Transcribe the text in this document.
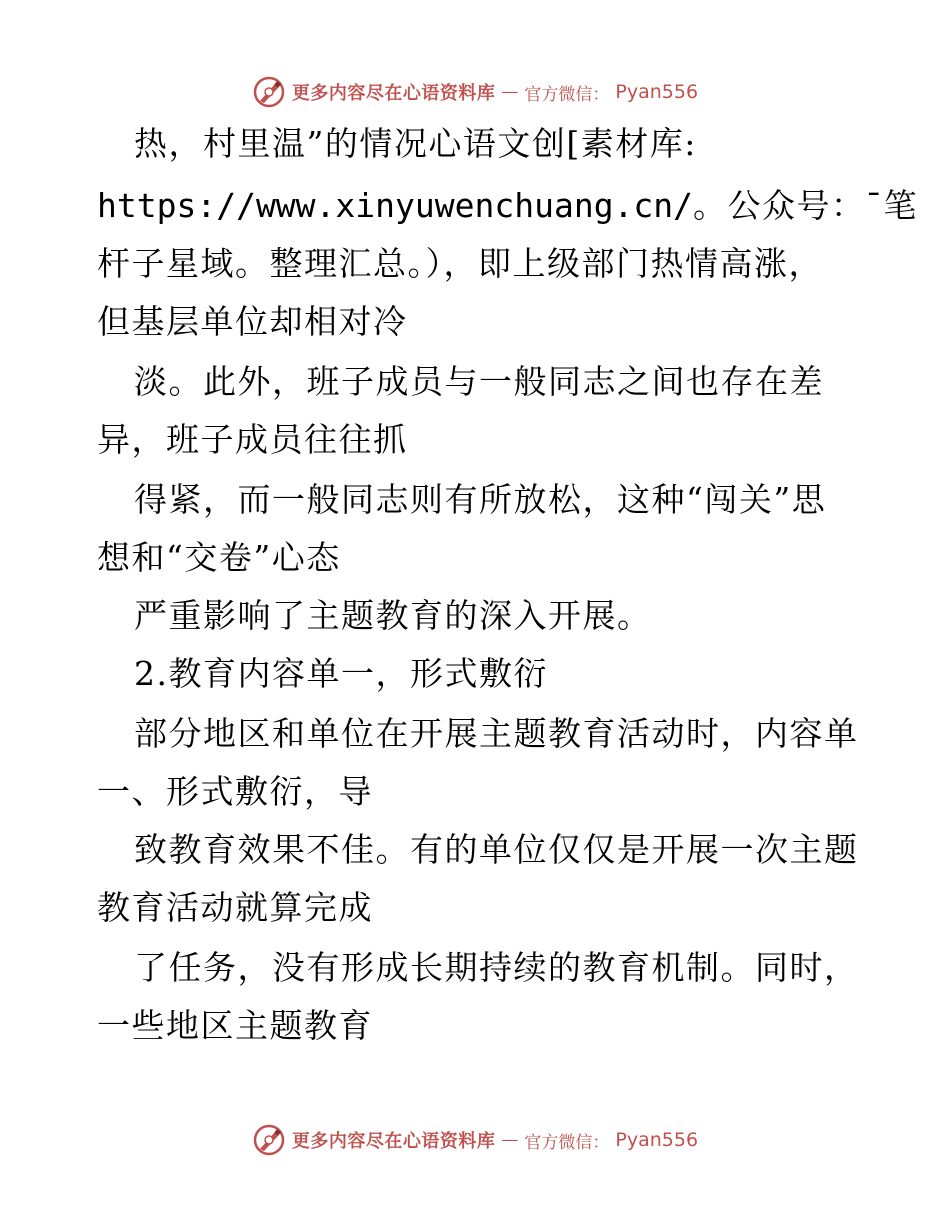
更多内容尽在心语资料库 — 官方微信： Pyan556
热，村里温”的情况心语文创[素材库:
https://www.xinyuwenchuang.cn/。公众号：¯笔
杆子星域。整理汇总。），即上级部门热情高涨，
但基层单位却相对冷
淡。此外，班子成员与一般同志之间也存在差
异，班子成员往往抓
得紧，而一般同志则有所放松，这种“闯关”思
想和“交卷”心态
严重影响了主题教育的深入开展。
2.教育内容单一，形式敷衍
部分地区和单位在开展主题教育活动时，内容单
一、形式敷衍，导
致教育效果不佳。有的单位仅仅是开展一次主题
教育活动就算完成
了任务，没有形成长期持续的教育机制。同时，
一些地区主题教育
更多内容尽在心语资料库 — 官方微信： Pyan556
